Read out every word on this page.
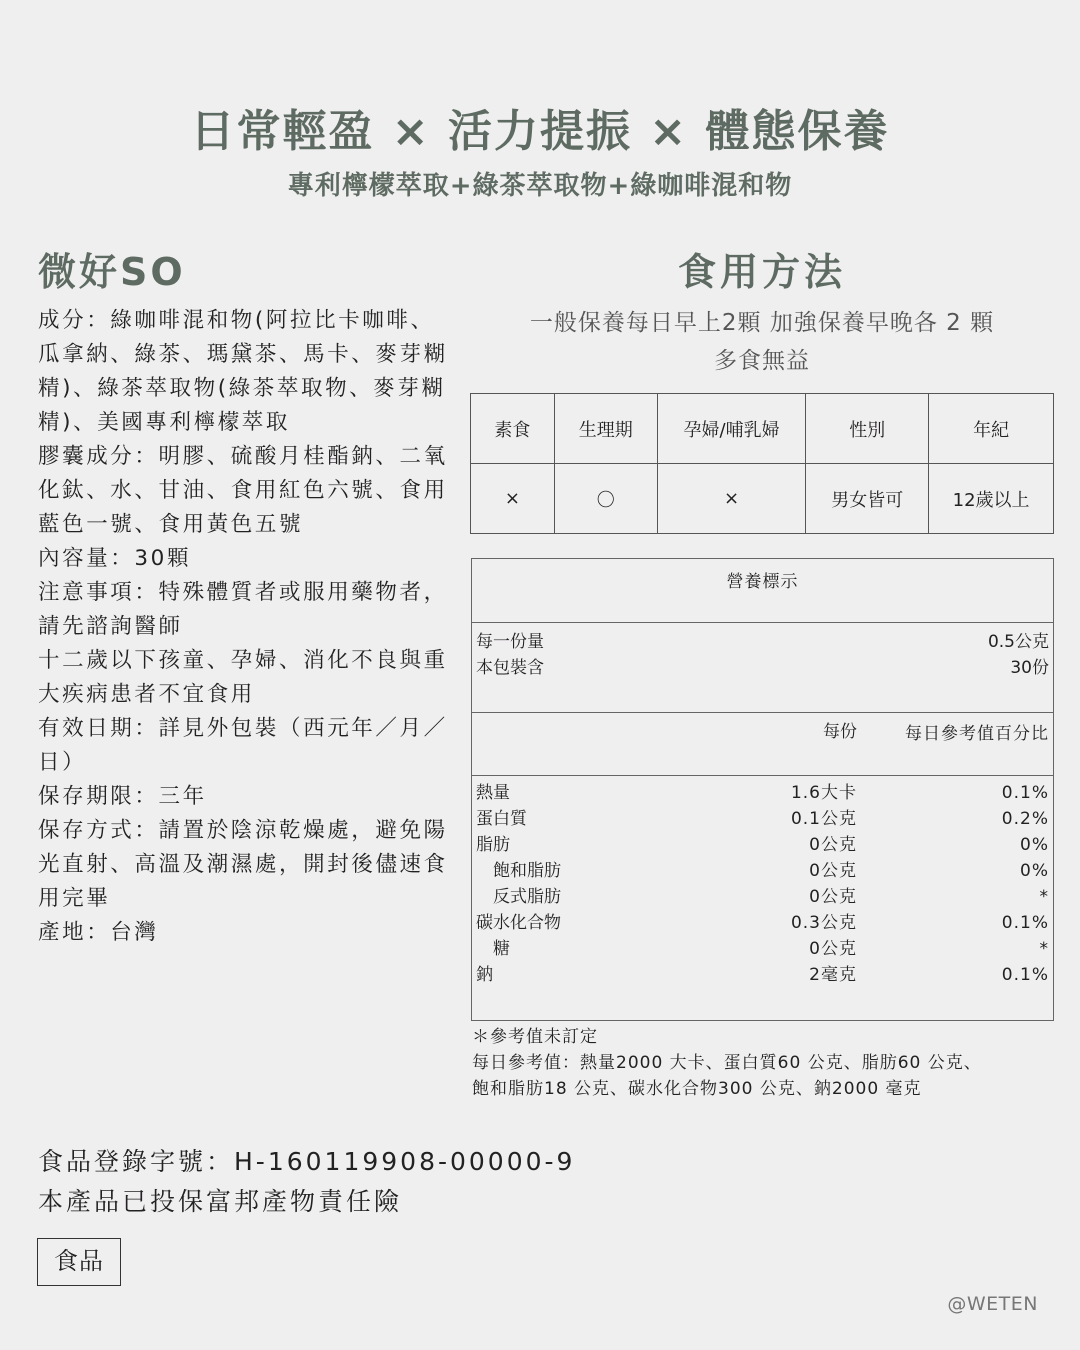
日常輕盈 × 活力提振 × 體態保養
專利檸檬萃取+綠茶萃取物+綠咖啡混和物
微好SO

成分：綠咖啡混和物(阿拉比卡咖啡、瓜拿納、綠茶、瑪黛茶、馬卡、麥芽糊精)、綠茶萃取物(綠茶萃取物、麥芽糊精)、美國專利檸檬萃取

膠囊成分：明膠、硫酸月桂酯鈉、二氧化鈦、水、甘油、食用紅色六號、食用藍色一號、食用黃色五號

內容量：30顆

注意事項：特殊體質者或服用藥物者，請先諮詢醫師

十二歲以下孩童、孕婦、消化不良與重大疾病患者不宜食用

有效日期：詳見外包裝（西元年／月／日）

保存期限：三年

保存方式：請置於陰涼乾燥處，避免陽光直射、高溫及潮濕處，開封後儘速食用完畢

產地：台灣

食用方法
一般保養每日早上2顆 加強保養早晚各 2 顆
多食無益
素食	生理期	孕婦/哺乳婦	性別	年紀
×	〇	×	男女皆可	12歲以上
營養標示
每一份量	0.5公克
本包裝含	30份
每份	每日參考值百分比
熱量	1.6大卡	0.1%
蛋白質	0.1公克	0.2%
脂肪	0公克	0%
　飽和脂肪	0公克	0%
　反式脂肪	0公克	*
碳水化合物	0.3公克	0.1%
　糖	0公克	*
鈉	2毫克	0.1%
＊參考值未訂定
每日參考值：熱量2000 大卡、蛋白質60 公克、脂肪60 公克、
飽和脂肪18 公克、碳水化合物300 公克、鈉2000 毫克
食品登錄字號：H-160119908-00000-9
本產品已投保富邦產物責任險
食品
@WETEN
